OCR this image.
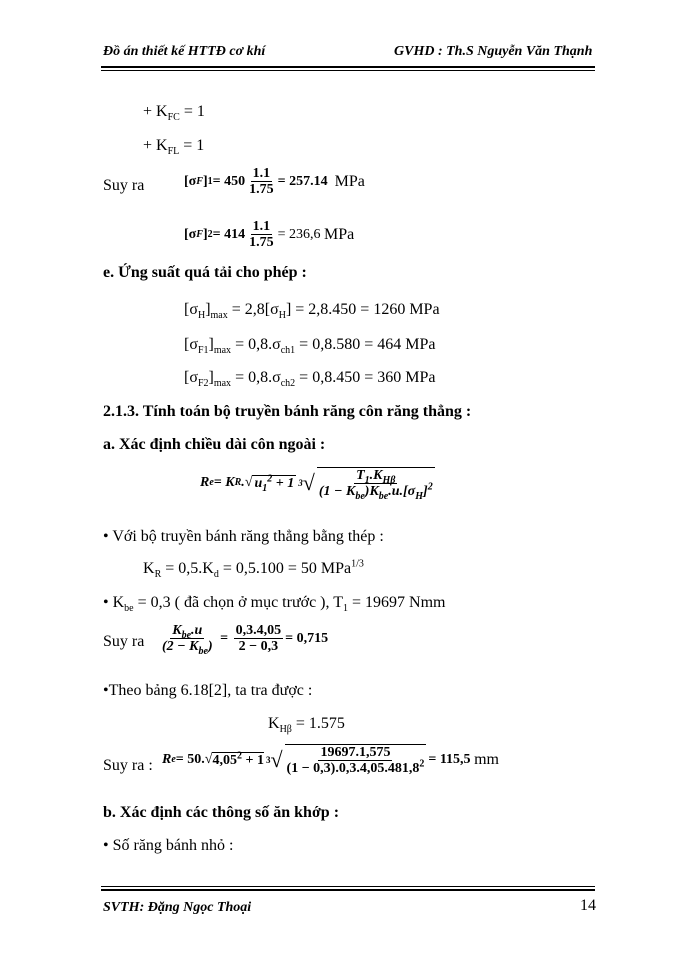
Đồ án thiết kế HTTĐ cơ khí	GVHD : Th.S Nguyễn Văn Thạnh
+ $K_{FC} = 1$
+ $K_{FL} = 1$
Suy ra	[σ F ] $1 = 450 \frac{1.1}{1.75} = 257.14$
MPa
[σ F ] $2 = 414 \frac{1.1}{1.75} = 236,6$
MPa
e. Ứng suất quá tải cho phép :
$[\sigma_H]_{max} = 2,8[\sigma_H] = 2,8.450 = 1260$ MPa
$[\sigma_{F1}]_{max} = 0,8.\sigma_{ch1} = 0,8.580 = 464$ MPa
$[\sigma_{F2}]_{max} = 0,8.\sigma_{ch2} = 0,8.450 = 360$ MPa
2.1.3. Tính toán bộ truyền bánh răng côn răng thẳng :
a. Xác định chiều dài côn ngoài :
R e = K R .√ $u_1^2 + 1$ 3 √ $\frac{T_1.K_{H\beta}}{(1 - K_{be})K_{be}.u.[\sigma_H]^2}$
• Với bộ truyền bánh răng thẳng bằng thép :
$K_R = 0,5.K_d = 0,5.100 = 50$ MPa$^{1/3}$
• $K_{be} = 0,3$ ( đã chọn ở mục trước ), $T_1 = 19697$ Nmm
Suy ra $\frac{K_{be}.u}{(2 - K_{be})} = \frac{0,3.4,05}{2 - 0,3} = 0,715$
•Theo bảng 6.18[2], ta tra được :
$K_{H\beta} = 1.575$
Suy ra : R e = 50.√ $4,05^2 + 1$ 3 √ $\frac{19697.1,575}{(1 - 0,3).0,3.4,05.481,8^2} = 115,5$
mm
b. Xác định các thông số ăn khớp :
• Số răng bánh nhỏ :
SVTH: Đặng Ngọc Thoại	14
